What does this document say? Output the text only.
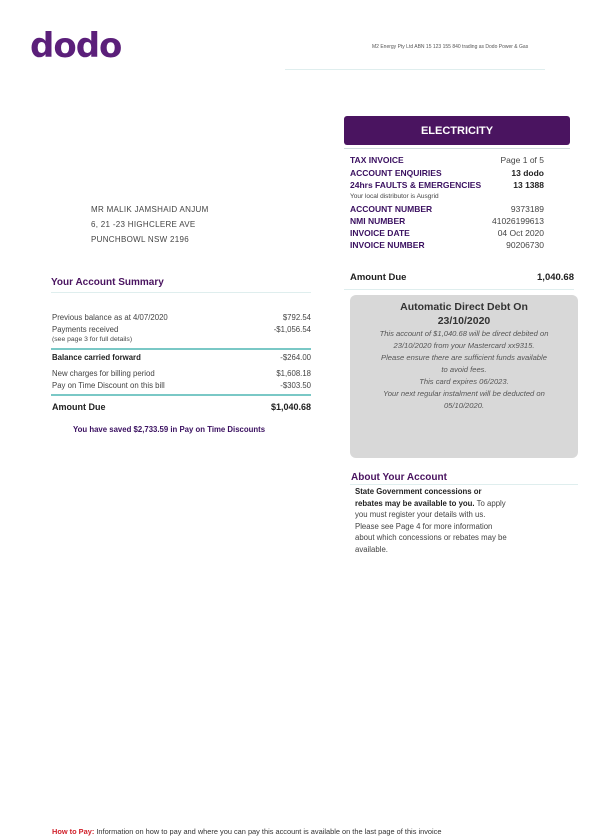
dodo	M2 Energy Pty Ltd ABN 15 123 155 840 trading as Dodo Power & Gas
ELECTRICITY
TAX INVOICE	Page 1 of 5
ACCOUNT ENQUIRIES	13 dodo
24hrs FAULTS & EMERGENCIES	13 1388
Your local distributor is Ausgrid
ACCOUNT NUMBER	9373189
NMI NUMBER	41026199613
INVOICE DATE	04 Oct 2020
INVOICE NUMBER	90206730
MR MALIK JAMSHAID ANJUM
6, 21 -23 HIGHCLERE AVE
PUNCHBOWL NSW 2196
Your Account Summary
Previous balance as at 4/07/2020	$792.54
Payments received	-$1,056.54
(see page 3 for full details)
Balance carried forward	-$264.00
New charges for billing period	$1,608.18
Pay on Time Discount on this bill	-$303.50
Amount Due	$1,040.68
You have saved $2,733.59 in Pay on Time Discounts
Amount Due	1,040.68
Automatic Direct Debt On
23/10/2020
This account of $1,040.68 will be direct debited on
23/10/2020 from your Mastercard xx9315.
Please ensure there are sufficient funds available
to avoid fees.
This card expires 06/2023.
Your next regular instalment will be deducted on
05/10/2020.
About Your Account
State Government concessions or
rebates may be available to you. To apply
you must register your details with us.
Please see Page 4 for more information
about which concessions or rebates may be
available.
How to Pay: Information on how to pay and where you can pay this account is available on the last page of this invoice
